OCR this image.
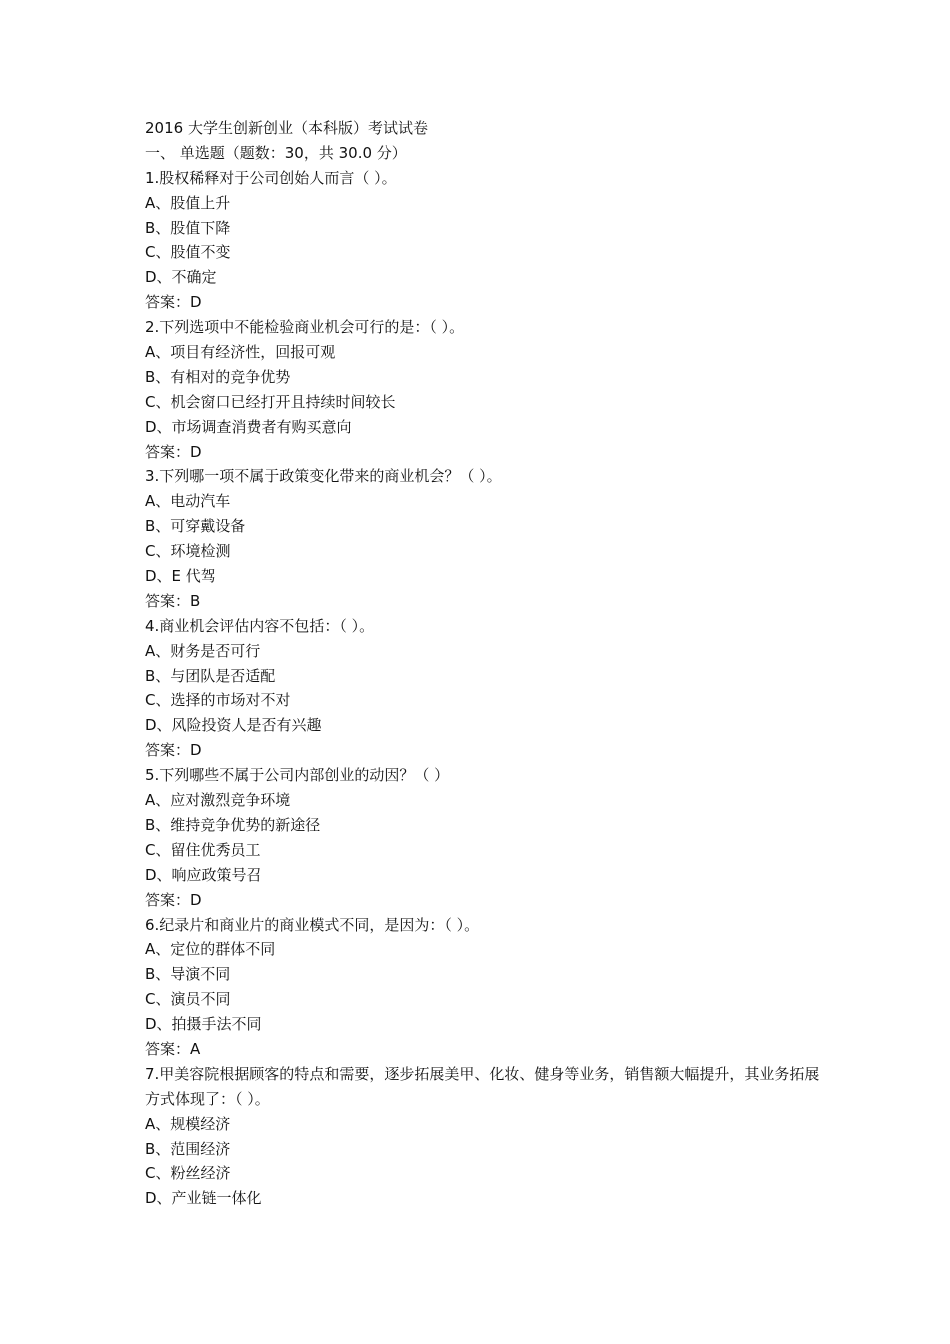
2016 大学生创新创业（本科版）考试试卷

一、 单选题（题数：30，共 30.0 分）

1.股权稀释对于公司创始人而言（ ）。

A、股值上升

B、股值下降

C、股值不变

D、不确定

答案：D

2.下列选项中不能检验商业机会可行的是：（ ）。

A、项目有经济性，回报可观

B、有相对的竞争优势

C、机会窗口已经打开且持续时间较长

D、市场调查消费者有购买意向

答案：D

3.下列哪一项不属于政策变化带来的商业机会？（ ）。

A、电动汽车

B、可穿戴设备

C、环境检测

D、E 代驾

答案：B

4.商业机会评估内容不包括：（ ）。

A、财务是否可行

B、与团队是否适配

C、选择的市场对不对

D、风险投资人是否有兴趣

答案：D

5.下列哪些不属于公司内部创业的动因？（ ）

A、应对激烈竞争环境

B、维持竞争优势的新途径

C、留住优秀员工

D、响应政策号召

答案：D

6.纪录片和商业片的商业模式不同，是因为：（ ）。

A、定位的群体不同

B、导演不同

C、演员不同

D、拍摄手法不同

答案：A

7.甲美容院根据顾客的特点和需要，逐步拓展美甲、化妆、健身等业务，销售额大幅提升，其业务拓展方式体现了：（ ）。

A、规模经济

B、范围经济

C、粉丝经济

D、产业链一体化
